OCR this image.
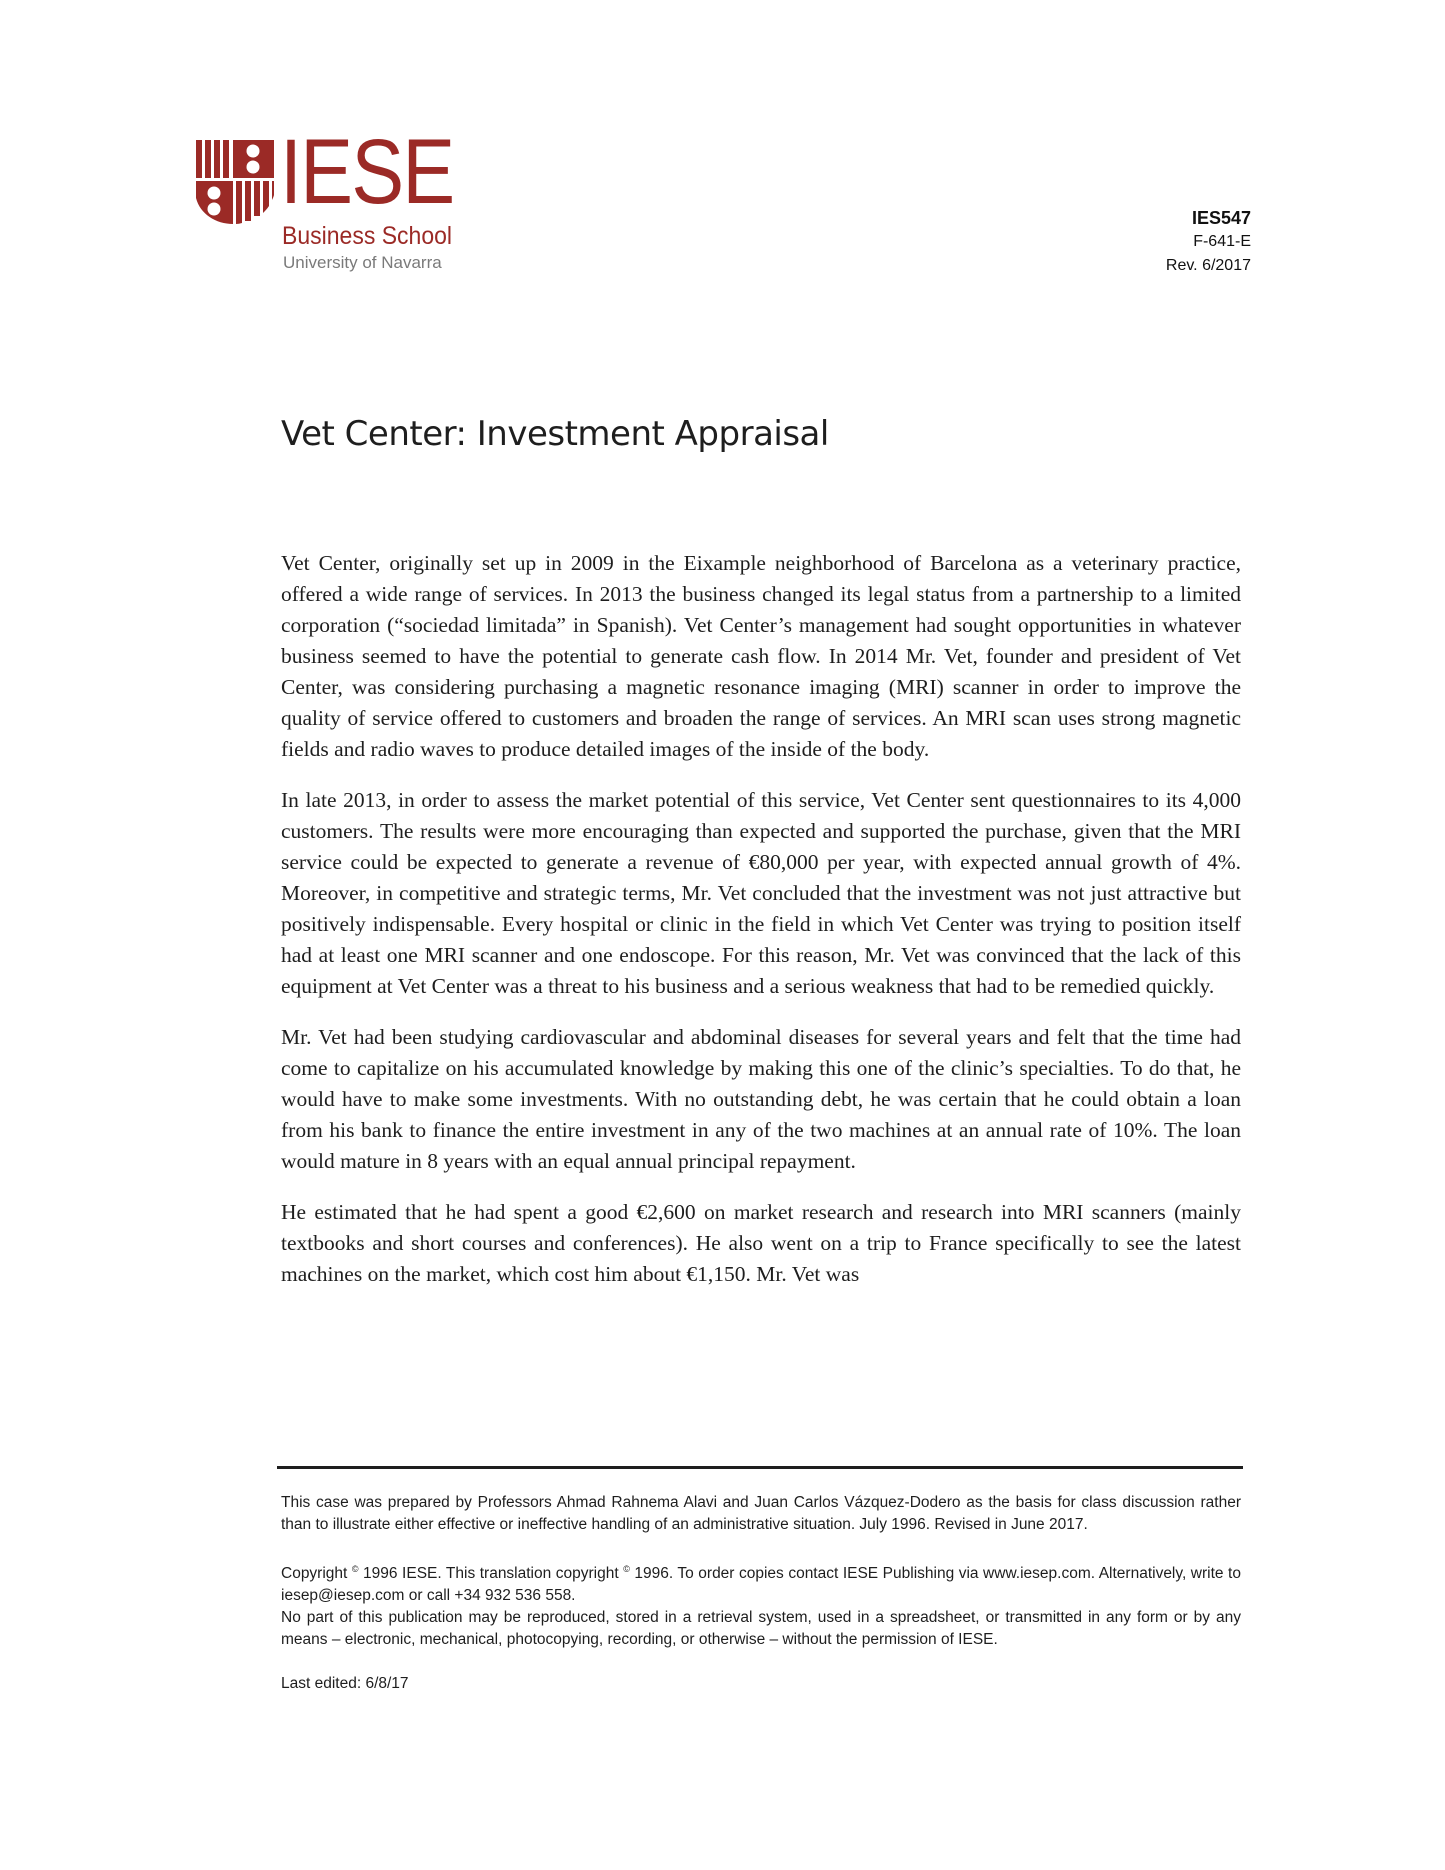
IESE
Business School
University of Navarra
IES547
F-641-E
Rev. 6/2017
Vet Center: Investment Appraisal

Vet Center, originally set up in 2009 in the Eixample neighborhood of Barcelona as a veterinary practice, offered a wide range of services. In 2013 the business changed its legal status from a partnership to a limited corporation (“sociedad limitada” in Spanish). Vet Center’s management had sought opportunities in whatever business seemed to have the potential to generate cash flow. In 2014 Mr. Vet, founder and president of Vet Center, was considering purchasing a magnetic resonance imaging (MRI) scanner in order to improve the quality of service offered to customers and broaden the range of services. An MRI scan uses strong magnetic fields and radio waves to produce detailed images of the inside of the body.

In late 2013, in order to assess the market potential of this service, Vet Center sent questionnaires to its 4,000 customers. The results were more encouraging than expected and supported the purchase, given that the MRI service could be expected to generate a revenue of €80,000 per year, with expected annual growth of 4%. Moreover, in competitive and strategic terms, Mr. Vet concluded that the investment was not just attractive but positively indispensable. Every hospital or clinic in the field in which Vet Center was trying to position itself had at least one MRI scanner and one endoscope. For this reason, Mr. Vet was convinced that the lack of this equipment at Vet Center was a threat to his business and a serious weakness that had to be remedied quickly.

Mr. Vet had been studying cardiovascular and abdominal diseases for several years and felt that the time had come to capitalize on his accumulated knowledge by making this one of the clinic’s specialties. To do that, he would have to make some investments. With no outstanding debt, he was certain that he could obtain a loan from his bank to finance the entire investment in any of the two machines at an annual rate of 10%. The loan would mature in 8 years with an equal annual principal repayment.

He estimated that he had spent a good €2,600 on market research and research into MRI scanners (mainly textbooks and short courses and conferences). He also went on a trip to France specifically to see the latest machines on the market, which cost him about €1,150. Mr. Vet was

This case was prepared by Professors Ahmad Rahnema Alavi and Juan Carlos Vázquez-Dodero as the basis for class discussion rather than to illustrate either effective or ineffective handling of an administrative situation. July 1996. Revised in June 2017.

Copyright © 1996 IESE. This translation copyright © 1996. To order copies contact IESE Publishing via www.iesep.com. Alternatively, write to iesep@iesep.com or call +34 932 536 558.

No part of this publication may be reproduced, stored in a retrieval system, used in a spreadsheet, or transmitted in any form or by any means – electronic, mechanical, photocopying, recording, or otherwise – without the permission of IESE.

Last edited: 6/8/17
